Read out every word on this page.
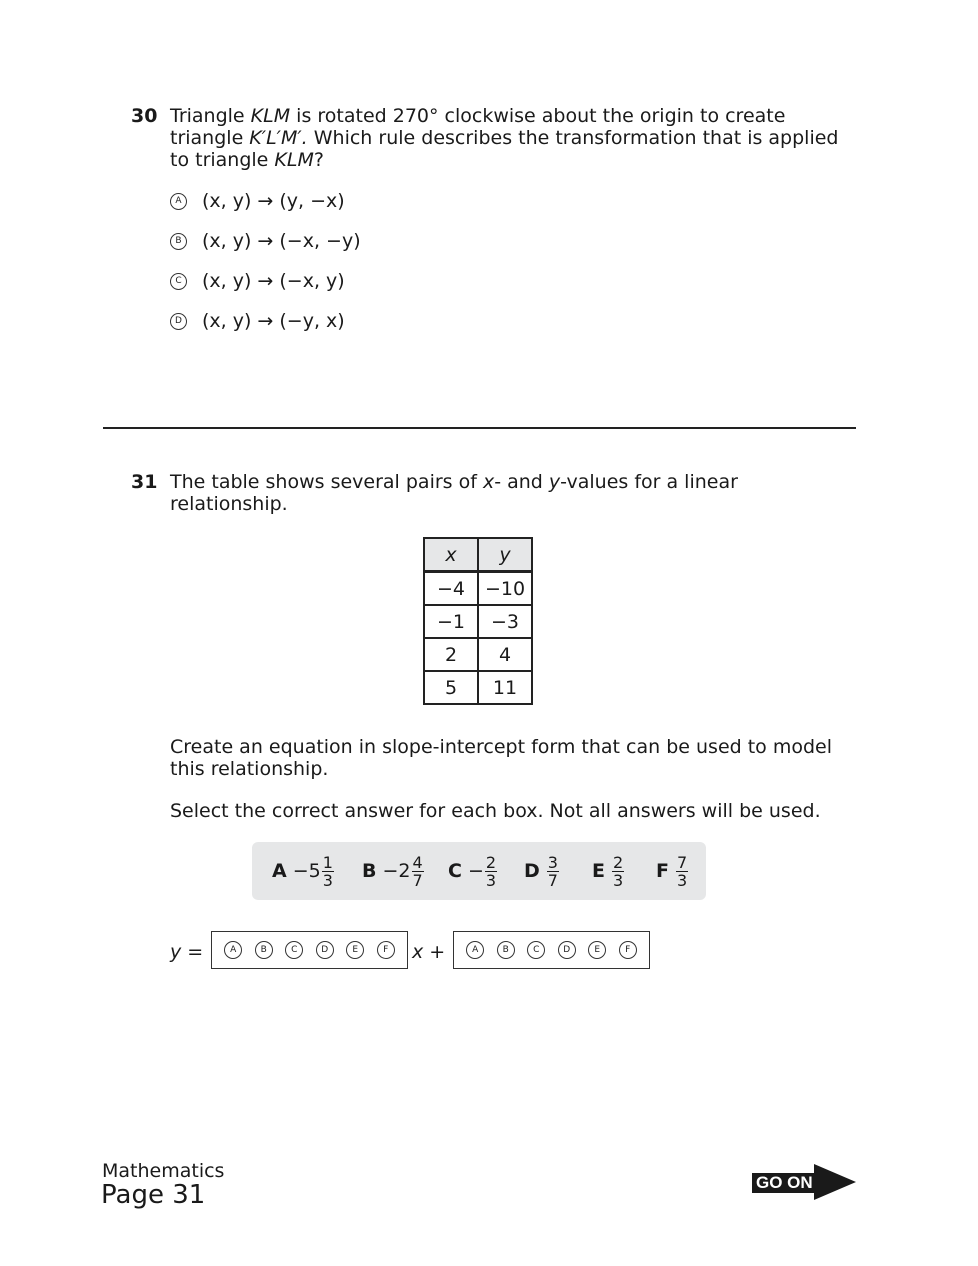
30 Triangle KLM is rotated 270° clockwise about the origin to create triangle K′L′M′. Which rule describes the transformation that is applied to triangle KLM?
A (x, y) → (y, −x)
B (x, y) → (−x, −y)
C (x, y) → (−x, y)
D (x, y) → (−y, x)
31 The table shows several pairs of x- and y-values for a linear relationship.
x	y
−4	−10
−1	−3
2	4
5	11
Create an equation in slope-intercept form that can be used to model this relationship.
Select the correct answer for each box. Not all answers will be used.
$A - 5 \frac{1}{3}$ $B - 2 \frac{4}{7}$ $C - \frac{2}{3}$ D $\frac{3}{7}$ E $\frac{2}{3}$ F $\frac{7}{3}$
y =	A	B	C	D	E	F	x +	A	B	C	D	E	F
Mathematics
Page 31	GO ON
